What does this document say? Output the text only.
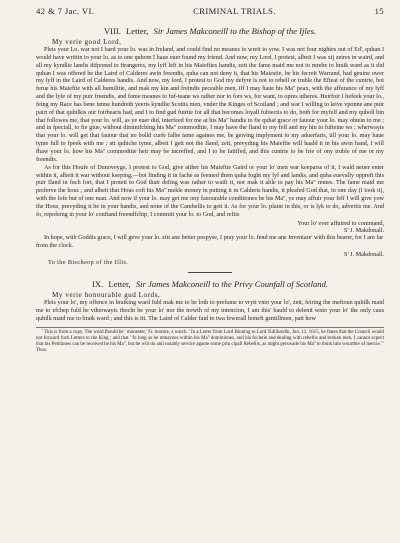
42 & 7 Jac. VI.	CRIMINAL TRIALS.	15
VIII. Letter, Sir James Makconeill to the Bishop of the Ijles.
My verie good Lord,

Pleis your Lo. war not I hard your lo. was in Ireland, and could find no meanes to wreit to yow. I was not four nightes out of Ed', quhan I would have writtin to your lo. as to one quhom I haue euer found my friend. And now, my Lord, I protest, albeit I was xij zeires in waird, and all my kyndlie landis difponed to ftrangeres, my lyff left in his Maiefties handis, zett the fame maid me not to mrebe to braik ward as it did quhan I was offered be the Laird of Calderes awin freendis, quha can not deny it, that his Maiestie, be his fecreit Warrand, had geuine ower my lyff in the Laird of Calderes handis. And now, my lord, I protest to God my defyre is not to rebell or truble the Efteat of the cuntrie, bot ferue his Maieftie with all humilitie, and mak my kin and freindis peceable men, iff I may haue his Ma'' peax, with the affurance of my lyff and the lyfe of my puir freendis, and fome meanes to fuf-teane ws rather nor to fors ws, for want, to opres utheres. Heirfoir I befeek your lo., feing my Race has bene tenne hundreth yeeris kyndlie Scottis men, vnder the Kinges of Scotland ; and war I willing to leive vponne ane puir pairt of that quhilkis our foirbearis had, and I to find gud fuirtie for all that becomes loyall fubiectis to do, both for myfelf and my quholl hin that followes me, that your lo. will, as ye euer did, interfeed for me at his Ma'' handis to fie quhat grace or fauour your lo. may obtein to me ; and in fpeciall, to fie giue, without diminifching his Ma'' commoditie, I may have the fland to my felf and my hin to fufteine ws ; wherwayis that your lo. will get that fauour that no bolld curfe falbe tame againes me, be geiving implyment to my aduerfaris, till your lo. may haue tyme full to fpeek with me ; att quhiche tyme, albeit I gett not the Iland, zett, prevyding his Maieftie will haald it in his awin hand, I will fhaw your lo. how his Ma'' commoditie heir may be increffed, and I to be fatiffed, and this cuntrie to be frie of ony truble of me or my freendis.

As for this Houfe of Dunoveyge, I protest to God, give aither his Maieftie Gaird or your lo' men war keeparss of it, I wald neuer enter within it, albeit it war without keeping,—bot finding it in fache as feemed them quha foght my lyf and landis, and quha euevally oppreft this puir Iland in fuch fort, that I protett to God thair defing was rather to waift it, nor mak it able to pay his Ma'' rentes. The fame maid me preferve the hous ; and albeit that Hous coft his Ma'' mekle money in putting it in Calderis handis, it pleafed God that, in one day (I took it), with the lofe but of one man. And now if your lo. may get me ony fauourable conditiones be his Ma'', ye may affuir your felf I will give yow the Hous, prevyding it be in your handis, and none of the Cambellis to gett it. As for your lo. plaint in this, or is lyk to do, advertis me. And fo, repofeing in your lo' conftand freendfchip, I committ your lo. to God, and reftis

Your lo' ever affuired to command,

S' J. Makdonall.

In hope, with Goddis grace, I will geve your lo. zitt ane better pospyse, I pray your lo. fend me ane Inventare' with this bearer, for I am far from the clock.

S' J. Makdonall.

To the Bischeop of the Illis.

IX. Letter, Sir James Makconeill to the Privy Counfall of Scotland.
My verie honourable gud Lords,

Pleis your lo', my offence in braiking ward fuld mak me to be loth to prefume to vryit vnto your lo', zett, feiring the meftoun quhilk maid me to efchep fuld be vtherwayis thocht be your lo' nor the trewth of my intencion, I am this' bauld to delenit wnto your lo' the only caus quhilk maid me to braik ward ; and this is itt. The Laird of Calder faid to twa fewerall honeft gentillmen, patt how

' This is from a copy. The word fhould be ' monester,' Fr. montre, a watch. ' In a Letter from Lord Binning to Lord Tullibardin, Jun. 13, 1615, he ftates that the Council would not forward fuch Letters to the King ; and that ' fo long as he remaynes within his Ma'' dominiones, and his focietie and dealing with rebellis and broken men, I cannot ecpect that his Petitiones can be received be his Ma'', bot he will do anil notably service agante some prin cipall Rebellis, as might perswade his Ma'' to think him wourthie of mercie.' ' Thus.
